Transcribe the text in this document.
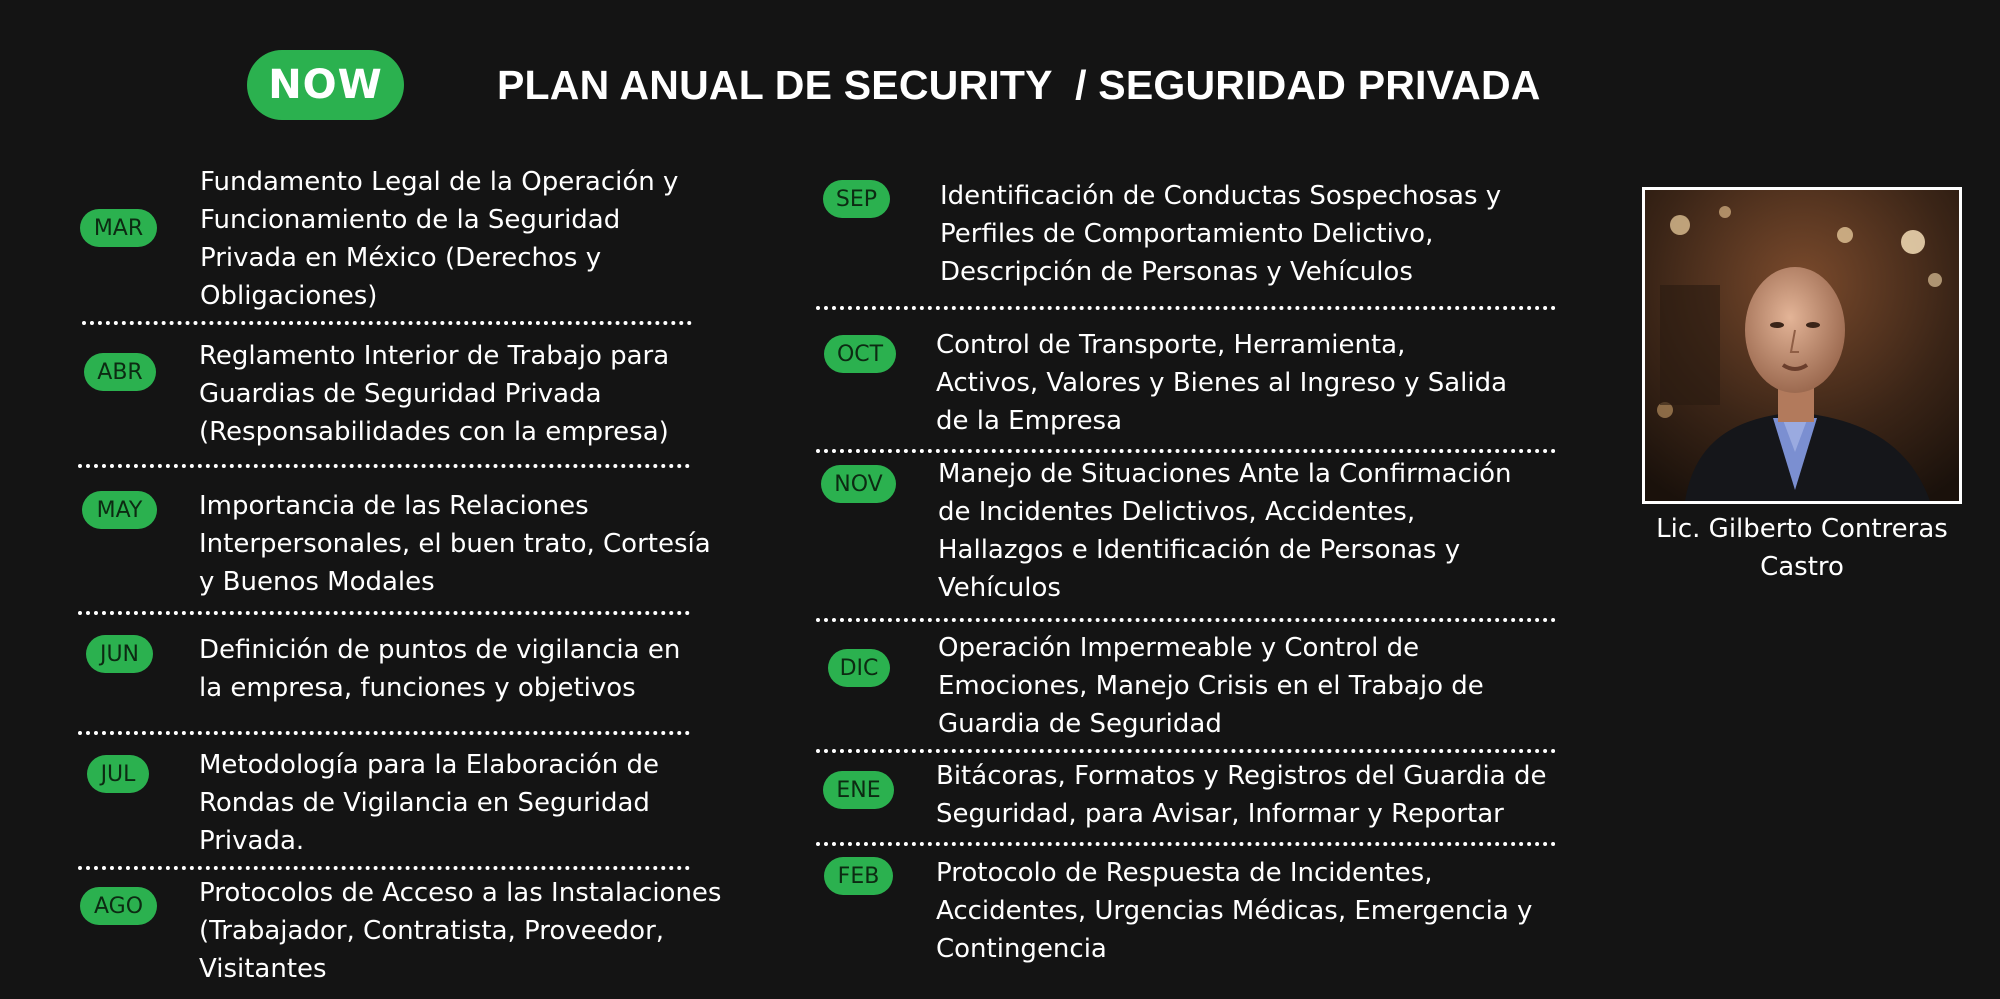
NOW	PLAN ANUAL DE SECURITY  / SEGURIDAD PRIVADA
MAR
Fundamento Legal de la Operación y
Funcionamiento de la Seguridad
Privada en México (Derechos y
Obligaciones)
ABR
Reglamento Interior de Trabajo para
Guardias de Seguridad Privada
(Responsabilidades con la empresa)
MAY	Importancia de las Relaciones
Interpersonales, el buen trato, Cortesía
y Buenos Modales
JUN	Definición de puntos de vigilancia en
la empresa, funciones y objetivos
JUL	Metodología para la Elaboración de
Rondas de Vigilancia en Seguridad
Privada.
AGO	Protocolos de Acceso a las Instalaciones
(Trabajador, Contratista, Proveedor,
Visitantes
SEP	Identificación de Conductas Sospechosas y
Perfiles de Comportamiento Delictivo,
Descripción de Personas y Vehículos
OCT	Control de Transporte, Herramienta,
Activos, Valores y Bienes al Ingreso y Salida
de la Empresa
NOV	Manejo de Situaciones Ante la Confirmación
de Incidentes Delictivos, Accidentes,
Hallazgos e Identificación de Personas y
Vehículos
DIC
Operación Impermeable y Control de
Emociones, Manejo Crisis en el Trabajo de
Guardia de Seguridad
ENE	Bitácoras, Formatos y Registros del Guardia de
Seguridad, para Avisar, Informar y Reportar
FEB	Protocolo de Respuesta de Incidentes,
Accidentes, Urgencias Médicas, Emergencia y
Contingencia
Lic. Gilberto Contreras
Castro
